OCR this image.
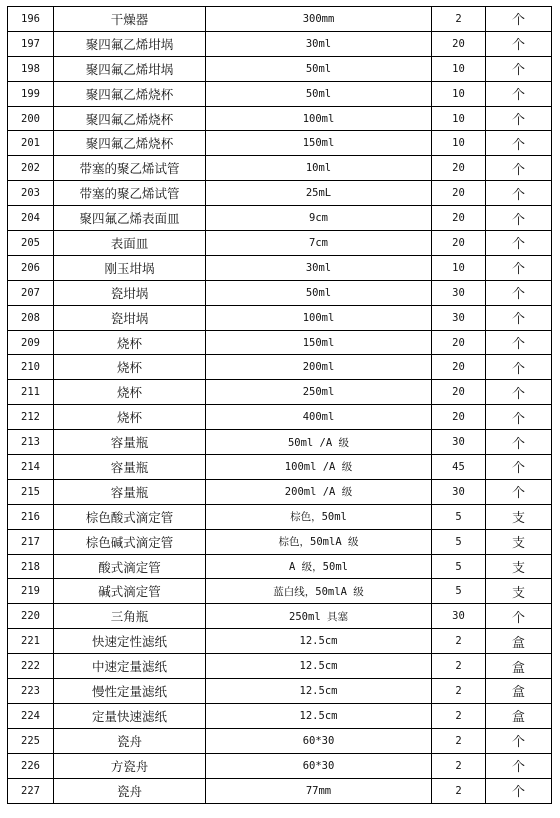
196	干燥器	300mm	2	个
197	聚四氟乙烯坩埚	30ml	20	个
198	聚四氟乙烯坩埚	50ml	10	个
199	聚四氟乙烯烧杯	50ml	10	个
200	聚四氟乙烯烧杯	100ml	10	个
201	聚四氟乙烯烧杯	150ml	10	个
202	带塞的聚乙烯试管	10ml	20	个
203	带塞的聚乙烯试管	25mL	20	个
204	聚四氟乙烯表面皿	9cm	20	个
205	表面皿	7cm	20	个
206	刚玉坩埚	30ml	10	个
207	瓷坩埚	50ml	30	个
208	瓷坩埚	100ml	30	个
209	烧杯	150ml	20	个
210	烧杯	200ml	20	个
211	烧杯	250ml	20	个
212	烧杯	400ml	20	个
213	容量瓶	50ml /A 级	30	个
214	容量瓶	100ml /A 级	45	个
215	容量瓶	200ml /A 级	30	个
216	棕色酸式滴定管	棕色，50ml	5	支
217	棕色碱式滴定管	棕色，50mlA 级	5	支
218	酸式滴定管	A 级，50ml	5	支
219	碱式滴定管	蓝白线，50mlA 级	5	支
220	三角瓶	250ml 具塞	30	个
221	快速定性滤纸	12.5cm	2	盒
222	中速定量滤纸	12.5cm	2	盒
223	慢性定量滤纸	12.5cm	2	盒
224	定量快速滤纸	12.5cm	2	盒
225	瓷舟	60*30	2	个
226	方瓷舟	60*30	2	个
227	瓷舟	77mm	2	个
